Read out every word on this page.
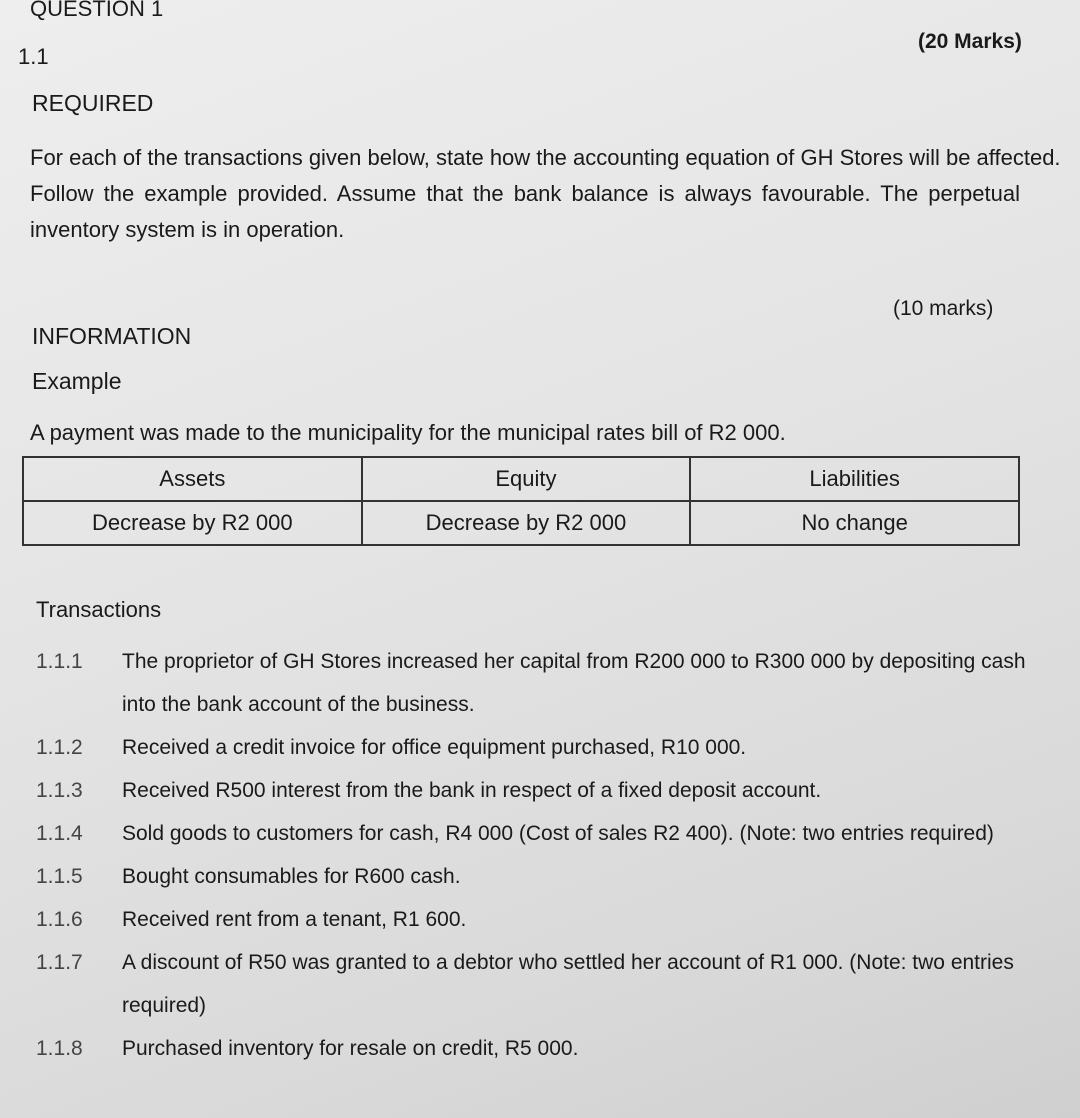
QUESTION 1
1.1
(20 Marks)
REQUIRED
For each of the transactions given below, state how the accounting equation of GH Stores will be affected.
Follow the example provided. Assume that the bank balance is always favourable. The perpetual
inventory system is in operation.
(10 marks)
INFORMATION
Example
A payment was made to the municipality for the municipal rates bill of R2 000.
Assets	Equity	Liabilities
Decrease by R2 000	Decrease by R2 000	No change
Transactions
1.1.1	The proprietor of GH Stores increased her capital from R200 000 to R300 000 by depositing cash into the bank account of the business.
1.1.2	Received a credit invoice for office equipment purchased, R10 000.
1.1.3	Received R500 interest from the bank in respect of a fixed deposit account.
1.1.4	Sold goods to customers for cash, R4 000 (Cost of sales R2 400). (Note: two entries required)
1.1.5	Bought consumables for R600 cash.
1.1.6	Received rent from a tenant, R1 600.
1.1.7	A discount of R50 was granted to a debtor who settled her account of R1 000. (Note: two entries required)
1.1.8	Purchased inventory for resale on credit, R5 000.
